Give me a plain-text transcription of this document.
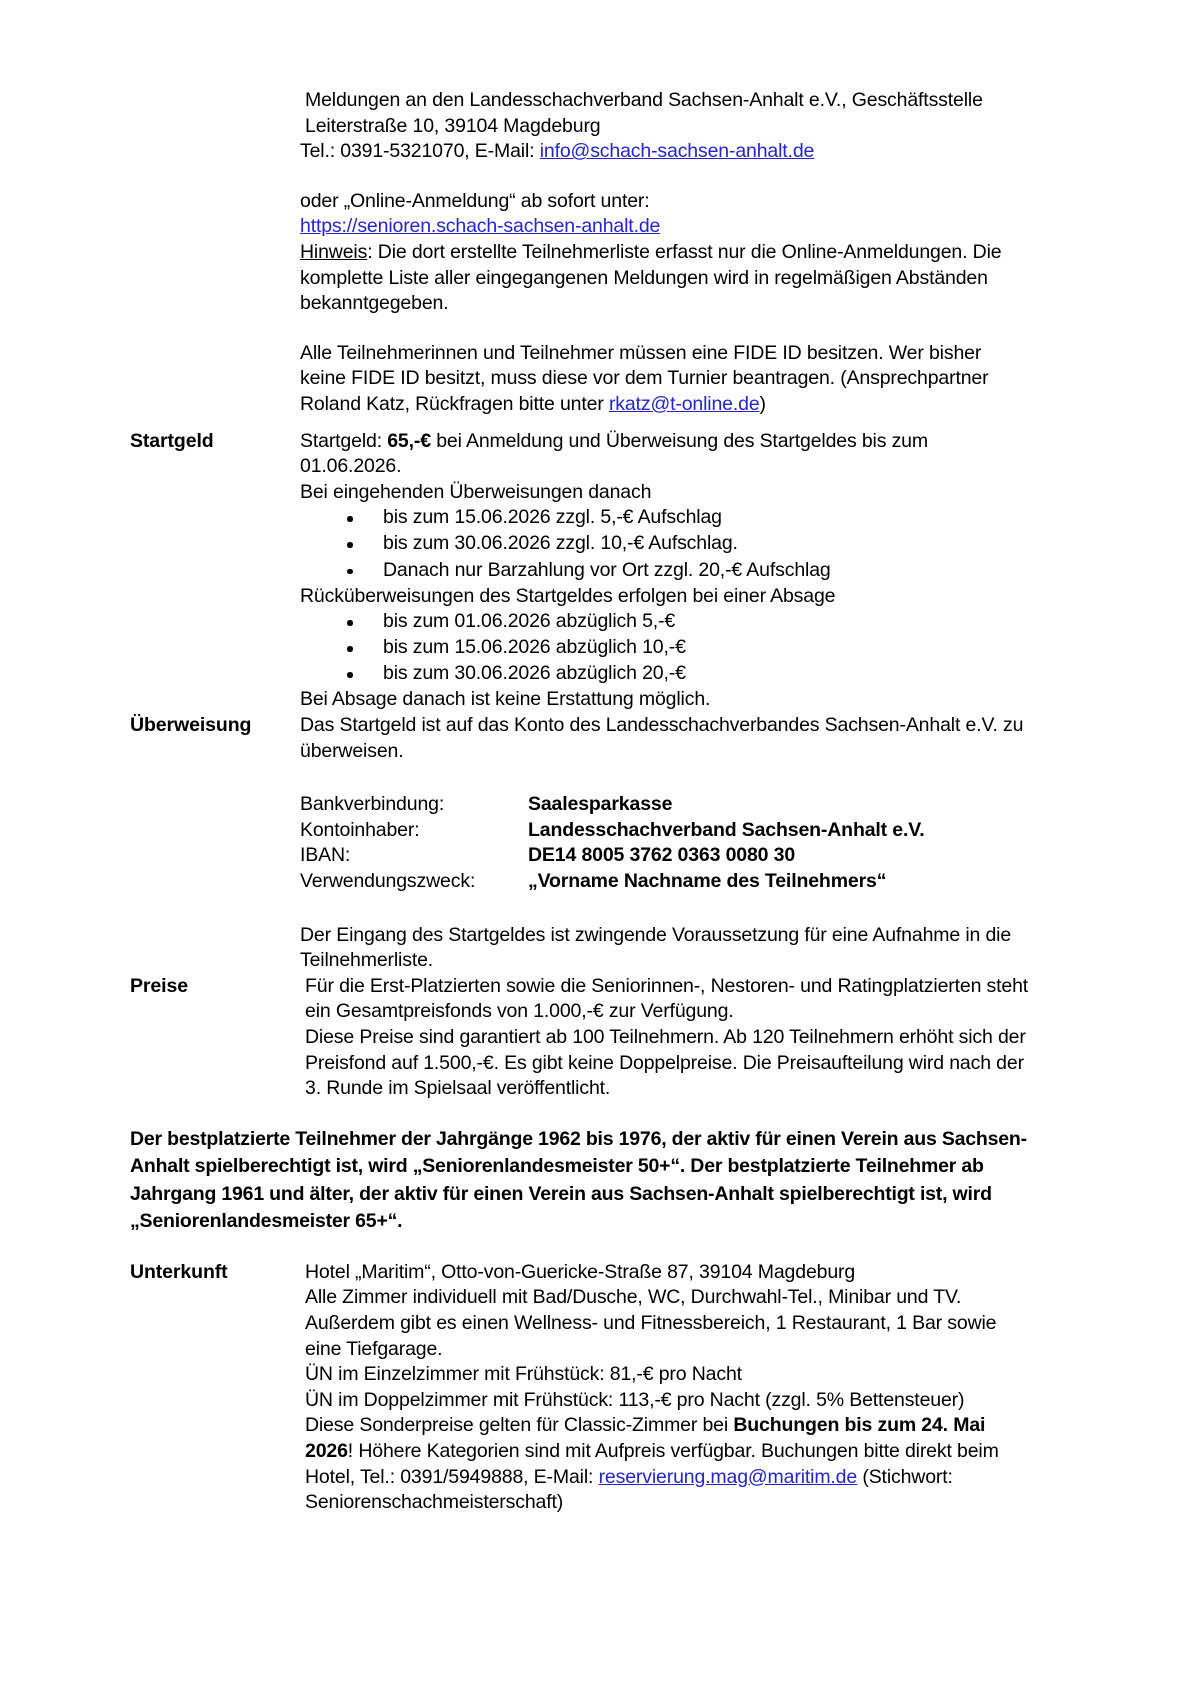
Meldungen an den Landesschachverband Sachsen-Anhalt e.V., Geschäftsstelle
Leiterstraße 10, 39104 Magdeburg
Tel.: 0391-5321070, E-Mail: info@schach-sachsen-anhalt.de
oder „Online-Anmeldung“ ab sofort unter:
https://senioren.schach-sachsen-anhalt.de
Hinweis: Die dort erstellte Teilnehmerliste erfasst nur die Online-Anmeldungen. Die komplette Liste aller eingegangenen Meldungen wird in regelmäßigen Abständen bekanntgegeben.
Alle Teilnehmerinnen und Teilnehmer müssen eine FIDE ID besitzen. Wer bisher keine FIDE ID besitzt, muss diese vor dem Turnier beantragen. (Ansprechpartner Roland Katz, Rückfragen bitte unter rkatz@t-online.de)
Startgeld	Startgeld: 65,-€ bei Anmeldung und Überweisung des Startgeldes bis zum 01.06.2026.
Bei eingehenden Überweisungen danach
bis zum 15.06.2026 zzgl. 5,-€ Aufschlag
bis zum 30.06.2026 zzgl. 10,-€ Aufschlag.
Danach nur Barzahlung vor Ort zzgl. 20,-€ Aufschlag
Rücküberweisungen des Startgeldes erfolgen bei einer Absage
bis zum 01.06.2026 abzüglich 5,-€
bis zum 15.06.2026 abzüglich 10,-€
bis zum 30.06.2026 abzüglich 20,-€
Bei Absage danach ist keine Erstattung möglich.
Überweisung	Das Startgeld ist auf das Konto des Landesschachverbandes Sachsen-Anhalt e.V. zu überweisen.
Bankverbindung:	Saalesparkasse
Kontoinhaber:	Landesschachverband Sachsen-Anhalt e.V.
IBAN:	DE14 8005 3762 0363 0080 30
Verwendungszweck:	„Vorname Nachname des Teilnehmers“
Der Eingang des Startgeldes ist zwingende Voraussetzung für eine Aufnahme in die Teilnehmerliste.
Preise	Für die Erst-Platzierten sowie die Seniorinnen-, Nestoren- und Ratingplatzierten steht ein Gesamtpreisfonds von 1.000,-€ zur Verfügung.
Diese Preise sind garantiert ab 100 Teilnehmern. Ab 120 Teilnehmern erhöht sich der Preisfond auf 1.500,-€. Es gibt keine Doppelpreise. Die Preisaufteilung wird nach der 3. Runde im Spielsaal veröffentlicht.
Der bestplatzierte Teilnehmer der Jahrgänge 1962 bis 1976, der aktiv für einen Verein aus Sachsen-Anhalt spielberechtigt ist, wird „Seniorenlandesmeister 50+“. Der bestplatzierte Teilnehmer ab Jahrgang 1961 und älter, der aktiv für einen Verein aus Sachsen-Anhalt spielberechtigt ist, wird „Seniorenlandesmeister 65+“.
Unterkunft	Hotel „Maritim“, Otto-von-Guericke-Straße 87, 39104 Magdeburg
Alle Zimmer individuell mit Bad/Dusche, WC, Durchwahl-Tel., Minibar und TV.
Außerdem gibt es einen Wellness- und Fitnessbereich, 1 Restaurant, 1 Bar sowie eine Tiefgarage.
ÜN im Einzelzimmer mit Frühstück: 81,-€ pro Nacht
ÜN im Doppelzimmer mit Frühstück: 113,-€ pro Nacht (zzgl. 5% Bettensteuer)
Diese Sonderpreise gelten für Classic-Zimmer bei Buchungen bis zum 24. Mai 2026! Höhere Kategorien sind mit Aufpreis verfügbar. Buchungen bitte direkt beim Hotel, Tel.: 0391/5949888, E-Mail: reservierung.mag@maritim.de (Stichwort: Seniorenschachmeisterschaft)
